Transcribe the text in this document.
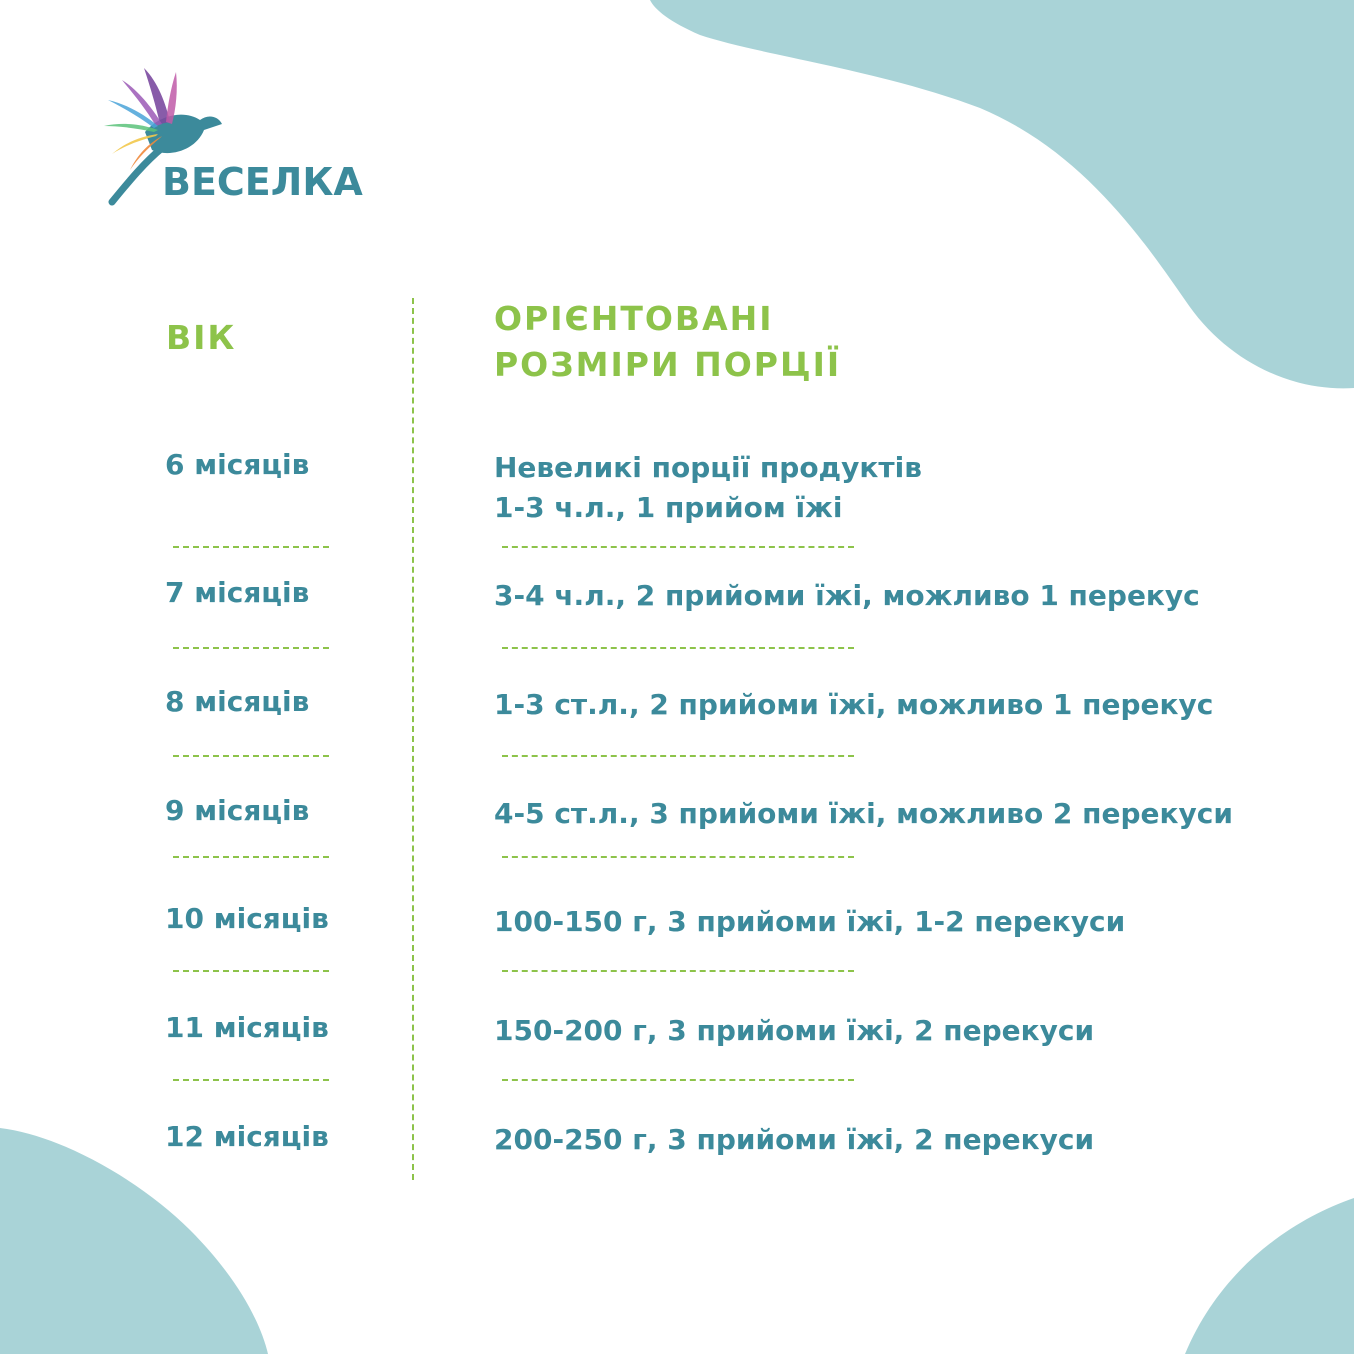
ВЕСЕЛКА
ВІК	ОРІЄНТОВАНІ
РОЗМІРИ ПОРЦІЇ
6 місяців	Невеликі порції продуктів
1-3 ч.л., 1 прийом їжі
7 місяців	3-4 ч.л., 2 прийоми їжі, можливо 1 перекус
8 місяців	1-3 ст.л., 2 прийоми їжі, можливо 1 перекус
9 місяців	4-5 ст.л., 3 прийоми їжі, можливо 2 перекуси
10 місяців	100-150 г, 3 прийоми їжі, 1-2 перекуси
11 місяців	150-200 г, 3 прийоми їжі, 2 перекуси
12 місяців	200-250 г, 3 прийоми їжі, 2 перекуси
